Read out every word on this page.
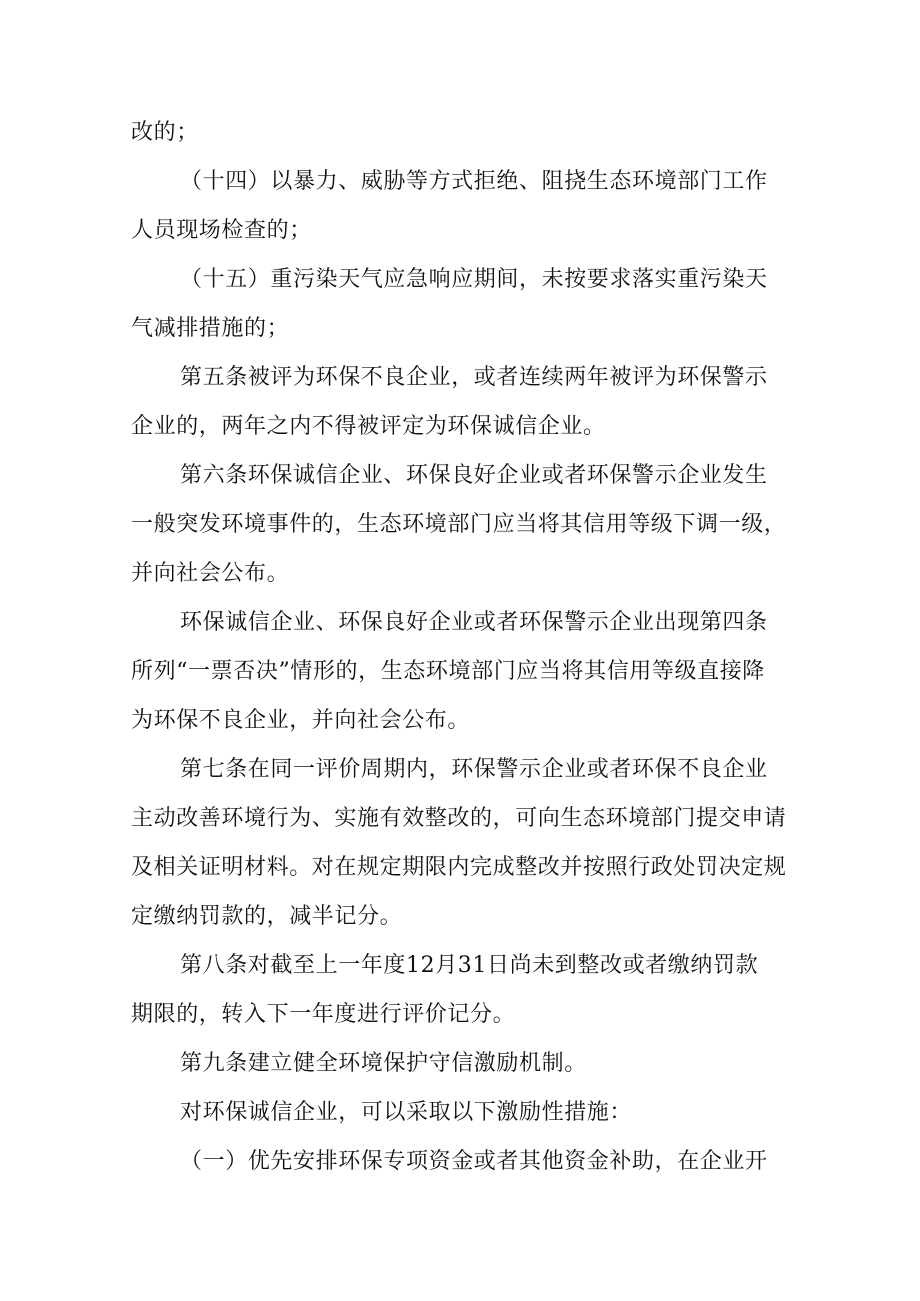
改的；
（十四）以暴力、威胁等方式拒绝、阻挠生态环境部门工作
人员现场检查的；
（十五）重污染天气应急响应期间，未按要求落实重污染天
气减排措施的；
第五条被评为环保不良企业，或者连续两年被评为环保警示
企业的，两年之内不得被评定为环保诚信企业。
第六条环保诚信企业、环保良好企业或者环保警示企业发生
一般突发环境事件的，生态环境部门应当将其信用等级下调一级，
并向社会公布。
环保诚信企业、环保良好企业或者环保警示企业出现第四条
所列“一票否决”情形的，生态环境部门应当将其信用等级直接降
为环保不良企业，并向社会公布。
第七条在同一评价周期内，环保警示企业或者环保不良企业
主动改善环境行为、实施有效整改的，可向生态环境部门提交申请
及相关证明材料。对在规定期限内完成整改并按照行政处罚决定规
定缴纳罚款的，减半记分。
第八条对截至上一年度12月31日尚未到整改或者缴纳罚款
期限的，转入下一年度进行评价记分。
第九条建立健全环境保护守信激励机制。
对环保诚信企业，可以采取以下激励性措施：
（一）优先安排环保专项资金或者其他资金补助，在企业开
